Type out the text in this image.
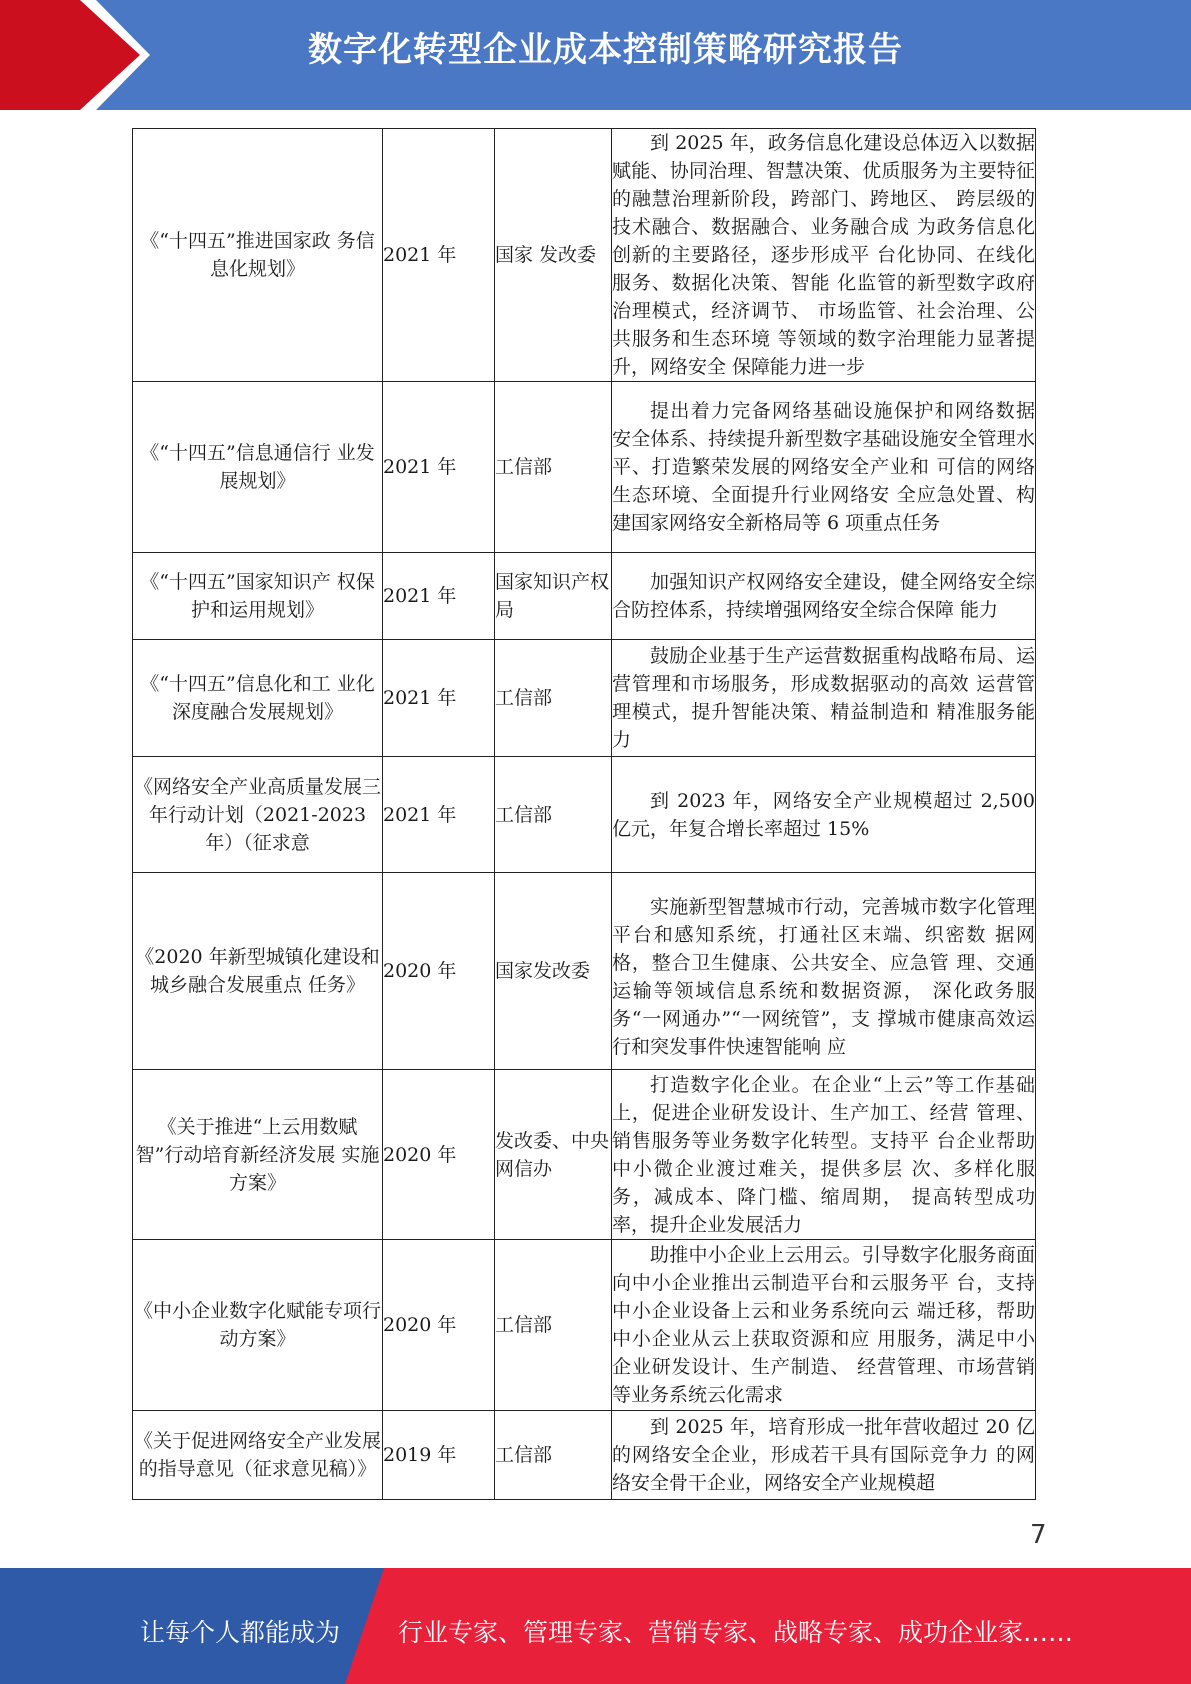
数字化转型企业成本控制策略研究报告
《“十四五”推进国家政 务信息化规划》	2021 年	国家 发改委	到 2025 年，政务信息化建设总体迈入以数据 赋能、协同治理、智慧决策、优质服务为主要特征的融慧治理新阶段，跨部门、跨地区、 跨层级的技术融合、数据融合、业务融合成 为政务信息化创新的主要路径，逐步形成平 台化协同、在线化服务、数据化决策、智能 化监管的新型数字政府治理模式，经济调节、 市场监管、社会治理、公共服务和生态环境 等领域的数字治理能力显著提升，网络安全 保障能力进一步

《“十四五”信息通信行 业发展规划》	2021 年	工信部	提出着力完备网络基础设施保护和网络数据 安全体系、持续提升新型数字基础设施安全管理水平、打造繁荣发展的网络安全产业和 可信的网络生态环境、全面提升行业网络安 全应急处置、构建国家网络安全新格局等 6 项重点任务

《“十四五”国家知识产 权保护和运用规划》	2021 年	国家知识产权局	加强知识产权网络安全建设，健全网络安全综合防控体系，持续增强网络安全综合保障 能力

《“十四五”信息化和工 业化深度融合发展规划》	2021 年	工信部	鼓励企业基于生产运营数据重构战略布局、运营管理和市场服务，形成数据驱动的高效 运营管理模式，提升智能决策、精益制造和 精准服务能力

《网络安全产业高质量发展三年行动计划（2021-2023 年）（征求意	2021 年	工信部	到 2023 年，网络安全产业规模超过 2,500 亿元，年复合增长率超过 15%

《2020 年新型城镇化建设和城乡融合发展重点 任务》	2020 年	国家发改委	实施新型智慧城市行动，完善城市数字化管理平台和感知系统，打通社区末端、织密数 据网格，整合卫生健康、公共安全、应急管 理、交通运输等领域信息系统和数据资源， 深化政务服务“一网通办”“一网统管”，支 撑城市健康高效运行和突发事件快速智能响 应

《关于推进“上云用数赋 智”行动培育新经济发展 实施方案》	2020 年	发改委、中央网信办	打造数字化企业。在企业“上云”等工作基础上，促进企业研发设计、生产加工、经营 管理、销售服务等业务数字化转型。支持平 台企业帮助中小微企业渡过难关，提供多层 次、多样化服务，减成本、降门槛、缩周期， 提高转型成功率，提升企业发展活力

《中小企业数字化赋能专项行动方案》	2020 年	工信部	助推中小企业上云用云。引导数字化服务商面向中小企业推出云制造平台和云服务平 台，支持中小企业设备上云和业务系统向云 端迁移，帮助中小企业从云上获取资源和应 用服务，满足中小企业研发设计、生产制造、 经营管理、市场营销等业务系统云化需求

《关于促进网络安全产业发展的指导意见（征求意见稿）》	2019 年	工信部	到 2025 年，培育形成一批年营收超过 20 亿的网络安全企业，形成若干具有国际竞争力 的网络安全骨干企业，网络安全产业规模超
7
让每个人都能成为 行业专家、管理专家、营销专家、战略专家、成功企业家……
